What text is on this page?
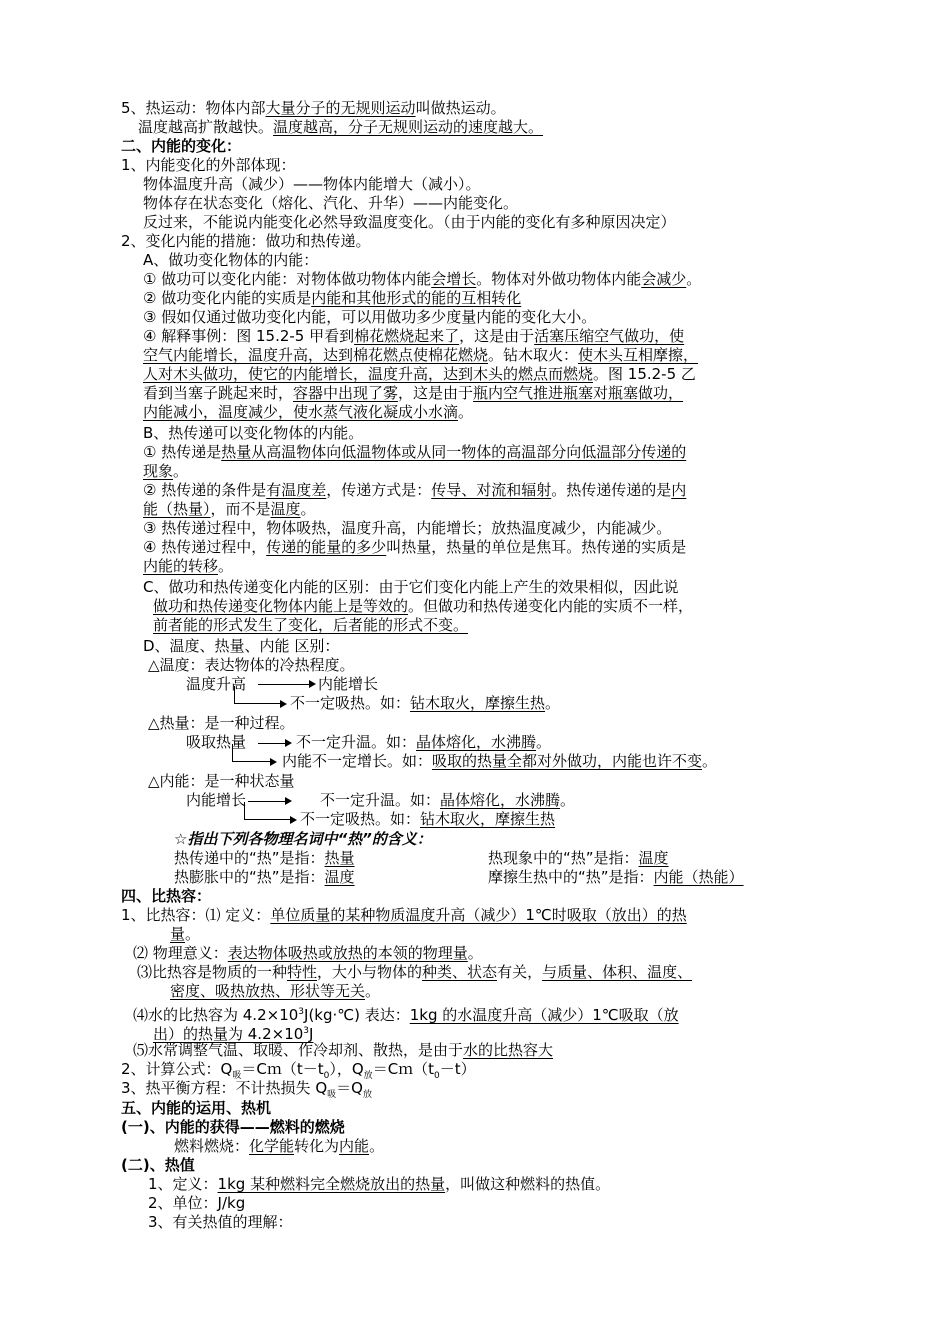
5、热运动：物体内部大量分子的无规则运动叫做热运动。
温度越高扩散越快。温度越高，分子无规则运动的速度越大。
二、内能的变化：
1、内能变化的外部体现：
物体温度升高（减少）——物体内能增大（减小）。
物体存在状态变化（熔化、汽化、升华）——内能变化。
反过来，不能说内能变化必然导致温度变化。（由于内能的变化有多种原因决定）
2、变化内能的措施：做功和热传递。
A、做功变化物体的内能：
① 做功可以变化内能：对物体做功物体内能会增长。物体对外做功物体内能会减少。
② 做功变化内能的实质是内能和其他形式的能的互相转化
③ 假如仅通过做功变化内能，可以用做功多少度量内能的变化大小。
④ 解释事例：图 15.2-5 甲看到棉花燃烧起来了，这是由于活塞压缩空气做功，使
空气内能增长，温度升高，达到棉花燃点使棉花燃烧。钻木取火：使木头互相摩擦，
人对木头做功，使它的内能增长，温度升高，达到木头的燃点而燃烧。图 15.2-5 乙
看到当塞子跳起来时，容器中出现了雾，这是由于瓶内空气推进瓶塞对瓶塞做功，
内能减小，温度减少，使水蒸气液化凝成小水滴。
B、热传递可以变化物体的内能。
① 热传递是热量从高温物体向低温物体或从同一物体的高温部分向低温部分传递的
现象。
② 热传递的条件是有温度差，传递方式是：传导、对流和辐射。热传递传递的是内
能（热量），而不是温度。
③ 热传递过程中，物体吸热，温度升高，内能增长；放热温度减少，内能减少。
④ 热传递过程中，传递的能量的多少叫热量，热量的单位是焦耳。热传递的实质是
内能的转移。
C、做功和热传递变化内能的区别：由于它们变化内能上产生的效果相似，因此说
做功和热传递变化物体内能上是等效的。但做功和热传递变化内能的实质不一样，
前者能的形式发生了变化，后者能的形式不变。
D、温度、热量、内能 区别：
△温度：表达物体的冷热程度。
温度升高	内能增长
不一定吸热。如：钻木取火，摩擦生热。
△热量：是一种过程。
吸取热量	不一定升温。如：晶体熔化，水沸腾。
内能不一定增长。如：吸取的热量全都对外做功，内能也许不变。
△内能：是一种状态量
内能增长	不一定升温。如：晶体熔化，水沸腾。
不一定吸热。如：钻木取火，摩擦生热
☆指出下列各物理名词中“热”的含义：
热传递中的“热”是指：热量	热现象中的“热”是指：温度
热膨胀中的“热”是指：温度	摩擦生热中的“热”是指：内能（热能）
四、比热容：
1、比热容：⑴ 定义：单位质量的某种物质温度升高（减少）1℃时吸取（放出）的热
量。
⑵ 物理意义：表达物体吸热或放热的本领的物理量。
⑶比热容是物质的一种特性，大小与物体的种类、状态有关，与质量、体积、温度、
密度、吸热放热、形状等无关。
⑷水的比热容为 $4.2\times 10^3J(kg\cdot℃)$ 表达：1kg 的水温度升高（减少）1℃吸取（放
出）的热量为 $4.2\times 10^3J$
⑸水常调整气温、取暖、作冷却剂、散热，是由于水的比热容大
2、计算公式：$Q_吸=Cm(t-t_0)$，$Q_放=Cm(t_0-t)$
3、热平衡方程：不计热损失 $Q_吸=Q_放$
五、内能的运用、热机
(一)、内能的获得——燃料的燃烧
燃料燃烧：化学能转化为内能。
(二)、热值
1、定义：1kg 某种燃料完全燃烧放出的热量，叫做这种燃料的热值。
2、单位：J/kg
3、有关热值的理解：
